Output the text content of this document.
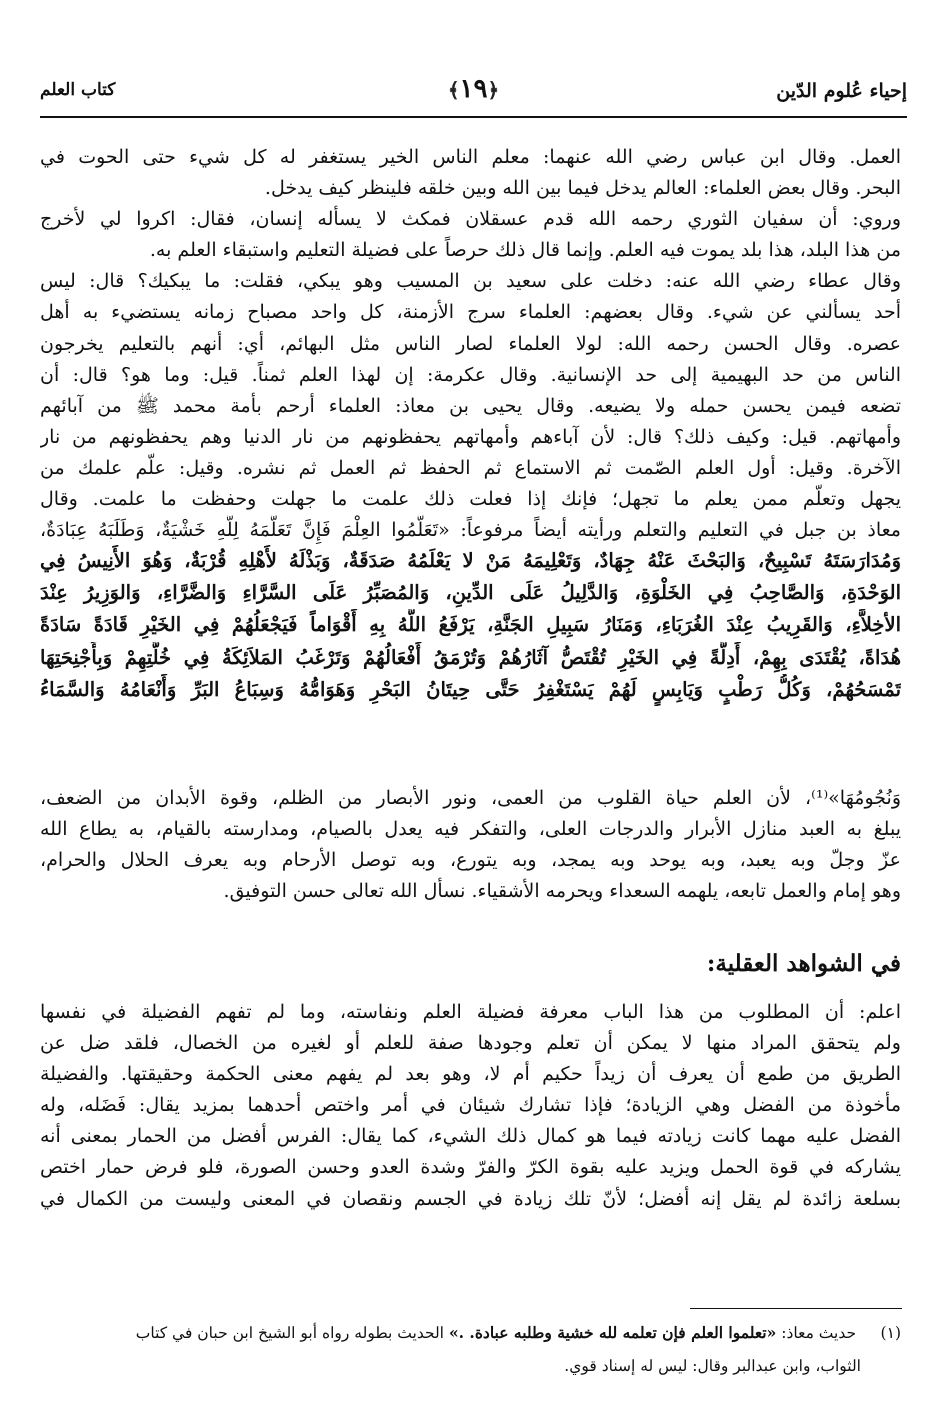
إحياء عُلوم الدّين
﴿١٩﴾
كتاب العلم
العمل. وقال ابن عباس رضي الله عنهما: معلم الناس الخير يستغفر له كل شيء حتى الحوت في
البحر. وقال بعض العلماء: العالم يدخل فيما بين الله وبين خلقه فلينظر كيف يدخل.
وروي: أن سفيان الثوري رحمه الله قدم عسقلان فمكث لا يسأله إنسان، فقال: اكروا لي لأخرج
من هذا البلد، هذا بلد يموت فيه العلم. وإنما قال ذلك حرصاً على فضيلة التعليم واستبقاء العلم به.
وقال عطاء رضي الله عنه: دخلت على سعيد بن المسيب وهو يبكي، فقلت: ما يبكيك؟ قال: ليس
أحد يسألني عن شيء. وقال بعضهم: العلماء سرج الأزمنة، كل واحد مصباح زمانه يستضيء به أهل
عصره. وقال الحسن رحمه الله: لولا العلماء لصار الناس مثل البهائم، أي: أنهم بالتعليم يخرجون
الناس من حد البهيمية إلى حد الإنسانية. وقال عكرمة: إن لهذا العلم ثمناً. قيل: وما هو؟ قال: أن
تضعه فيمن يحسن حمله ولا يضيعه. وقال يحيى بن معاذ: العلماء أرحم بأمة محمد ﷺ من آبائهم
وأمهاتهم. قيل: وكيف ذلك؟ قال: لأن آباءهم وأمهاتهم يحفظونهم من نار الدنيا وهم يحفظونهم من نار
الآخرة. وقيل: أول العلم الصّمت ثم الاستماع ثم الحفظ ثم العمل ثم نشره. وقيل: علّم علمك من
يجهل وتعلّم ممن يعلم ما تجهل؛ فإنك إذا فعلت ذلك علمت ما جهلت وحفظت ما علمت. وقال
معاذ بن جبل في التعليم والتعلم ورأيته أيضاً مرفوعاً: «تَعَلَّمُوا العِلْمَ فَإِنَّ تَعَلُّمَهُ لِلَّهِ خَشْيَةٌ، وَطَلَبَهُ عِبَادَةٌ،
وَمُدَارَسَتَهُ تَسْبِيحٌ، وَالبَحْثَ عَنْهُ جِهَادٌ، وَتَعْلِيمَهُ مَنْ لا يَعْلَمُهُ صَدَقَةٌ، وَبَذْلَهُ لأَهْلِهِ قُرْبَةٌ، وَهُوَ الأَنِيسُ فِي
الوَحْدَةِ، وَالصَّاحِبُ فِي الخَلْوَةِ، وَالدَّلِيلُ عَلَى الدِّينِ، وَالمُصَبِّرُ عَلَى السَّرَّاءِ وَالضَّرَّاءِ، وَالوَزِيرُ عِنْدَ
الأخِلاَّءِ، وَالقَرِيبُ عِنْدَ الغُرَبَاءِ، وَمَنَارُ سَبِيلِ الجَنَّةِ، يَرْفَعُ اللَّهُ بِهِ أَقْوَاماً فَيَجْعَلُهُمْ فِي الخَيْرِ قَادَةً سَادَةً
هُدَاةً، يُقْتَدَى بِهِمْ، أَدِلَّةً فِي الخَيْرِ تُقْتَصُّ آثَارُهُمْ وَتُرْمَقُ أَفْعَالُهُمْ وَتَرْغَبُ المَلاَئِكَةُ فِي خُلَّتِهِمْ وَبِأَجْنِحَتِهَا
تَمْسَحُهُمْ، وَكُلُّ رَطْبٍ وَيَابِسٍ لَهُمْ يَسْتَغْفِرُ حَتَّى حِيتَانُ البَحْرِ وَهَوَامُّهُ وَسِبَاعُ البَرِّ وَأَنْعَامُهُ وَالسَّمَاءُ
وَنُجُومُهَا»⁽¹⁾، لأن العلم حياة القلوب من العمى، ونور الأبصار من الظلم، وقوة الأبدان من الضعف،
يبلغ به العبد منازل الأبرار والدرجات العلى، والتفكر فيه يعدل بالصيام، ومدارسته بالقيام، به يطاع الله
عزّ وجلّ وبه يعبد، وبه يوحد وبه يمجد، وبه يتورع، وبه توصل الأرحام وبه يعرف الحلال والحرام،
وهو إمام والعمل تابعه، يلهمه السعداء ويحرمه الأشقياء. نسأل الله تعالى حسن التوفيق.
في الشواهد العقلية:
اعلم: أن المطلوب من هذا الباب معرفة فضيلة العلم ونفاسته، وما لم تفهم الفضيلة في نفسها
ولم يتحقق المراد منها لا يمكن أن تعلم وجودها صفة للعلم أو لغيره من الخصال، فلقد ضل عن
الطريق من طمع أن يعرف أن زيداً حكيم أم لا، وهو بعد لم يفهم معنى الحكمة وحقيقتها. والفضيلة
مأخوذة من الفضل وهي الزيادة؛ فإذا تشارك شيئان في أمر واختص أحدهما بمزيد يقال: فَضَله، وله
الفضل عليه مهما كانت زيادته فيما هو كمال ذلك الشيء، كما يقال: الفرس أفضل من الحمار بمعنى أنه
يشاركه في قوة الحمل ويزيد عليه بقوة الكرّ والفرّ وشدة العدو وحسن الصورة، فلو فرض حمار اختص
بسلعة زائدة لم يقل إنه أفضل؛ لأنّ تلك زيادة في الجسم ونقصان في المعنى وليست من الكمال في
(١) حديث معاذ: «تعلموا العلم فإن تعلمه لله خشية وطلبه عبادة. .» الحديث بطوله رواه أبو الشيخ ابن حبان في كتاب
الثواب، وابن عبدالبر وقال: ليس له إسناد قوي.
